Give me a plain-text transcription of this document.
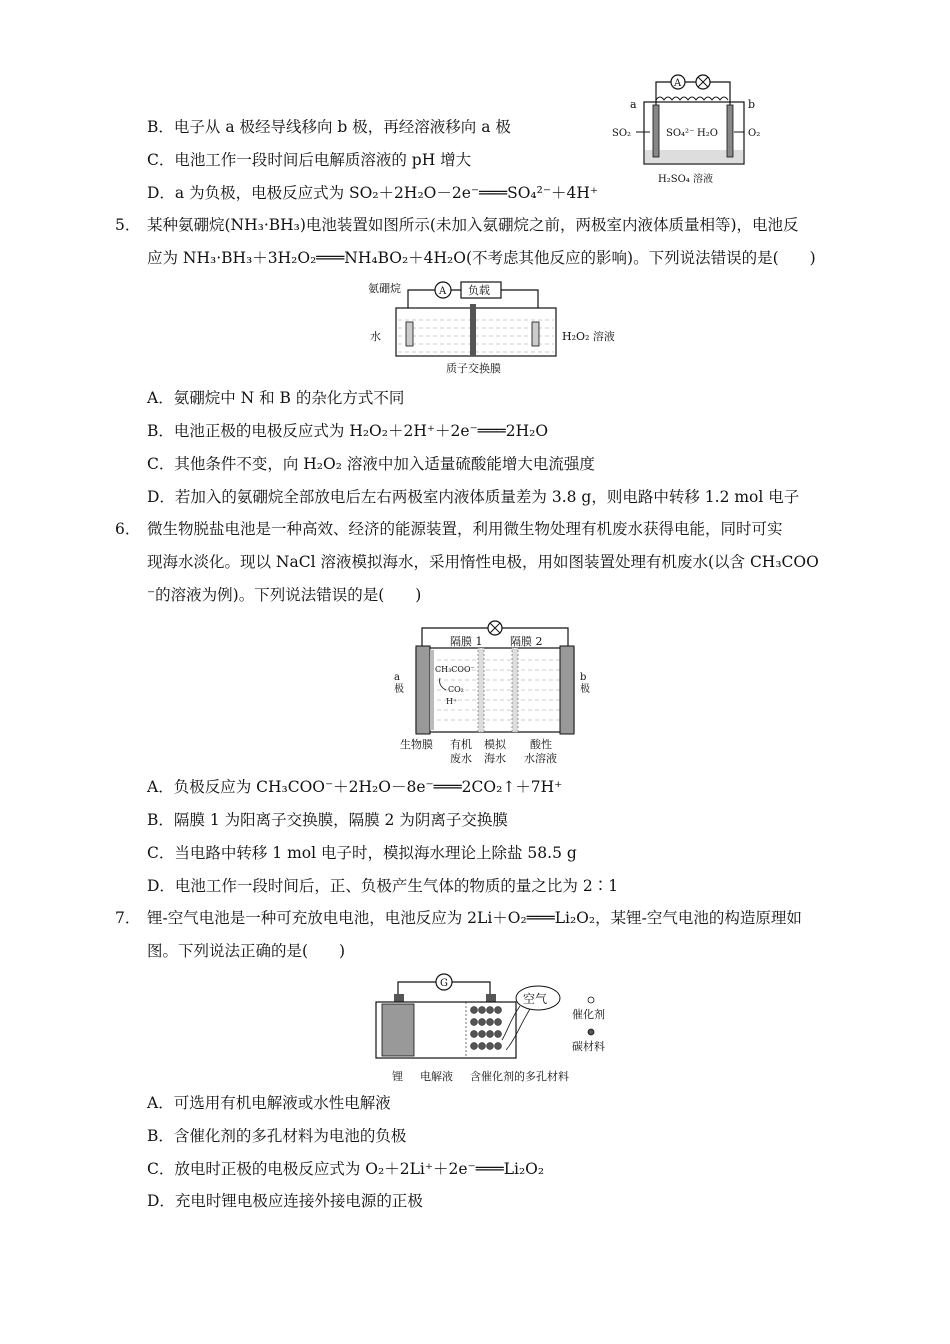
B．电子从 a 极经导线移向 b 极，再经溶液移向 a 极
C．电池工作一段时间后电解质溶液的 pH 增大
D．a 为负极，电极反应式为 SO₂＋2H₂O－2e⁻═══SO₄²⁻＋4H⁺
A
a	b
SO₂	SO₄²⁻ H₂O	O₂
H₂SO₄ 溶液
5． 某种氨硼烷(NH₃·BH₃)电池装置如图所示(未加入氨硼烷之前，两极室内液体质量相等)，电池反
应为 NH₃·BH₃＋3H₂O₂═══NH₄BO₂＋4H₂O(不考虑其他反应的影响)。下列说法错误的是(　　)
氨硼烷	A 负载
水	H₂O₂ 溶液
质子交换膜
A．氨硼烷中 N 和 B 的杂化方式不同
B．电池正极的电极反应式为 H₂O₂＋2H⁺＋2e⁻═══2H₂O
C．其他条件不变，向 H₂O₂ 溶液中加入适量硫酸能增大电流强度
D．若加入的氨硼烷全部放电后左右两极室内液体质量差为 3.8 g，则电路中转移 1.2 mol 电子
6． 微生物脱盐电池是一种高效、经济的能源装置，利用微生物处理有机废水获得电能，同时可实
现海水淡化。现以 NaCl 溶液模拟海水，采用惰性电极，用如图装置处理有机废水(以含 CH₃COO
⁻的溶液为例)。下列说法错误的是(　　)
隔膜 1	隔膜 2
a
极
b
极
CH₃COO⁻
CO₂
H⁺
生物膜 有机
废水
模拟
海水
酸性
水溶液
A．负极反应为 CH₃COO⁻＋2H₂O－8e⁻═══2CO₂↑＋7H⁺
B．隔膜 1 为阳离子交换膜，隔膜 2 为阴离子交换膜
C．当电路中转移 1 mol 电子时，模拟海水理论上除盐 58.5 g
D．电池工作一段时间后，正、负极产生气体的物质的量之比为 2∶1
7． 锂-空气电池是一种可充放电电池，电池反应为 2Li＋O₂═══Li₂O₂，某锂-空气电池的构造原理如
图。下列说法正确的是(　　)
G
空气
催化剂
碳材料
锂 电解液 含催化剂的多孔材料
A．可选用有机电解液或水性电解液
B．含催化剂的多孔材料为电池的负极
C．放电时正极的电极反应式为 O₂＋2Li⁺＋2e⁻═══Li₂O₂
D．充电时锂电极应连接外接电源的正极
